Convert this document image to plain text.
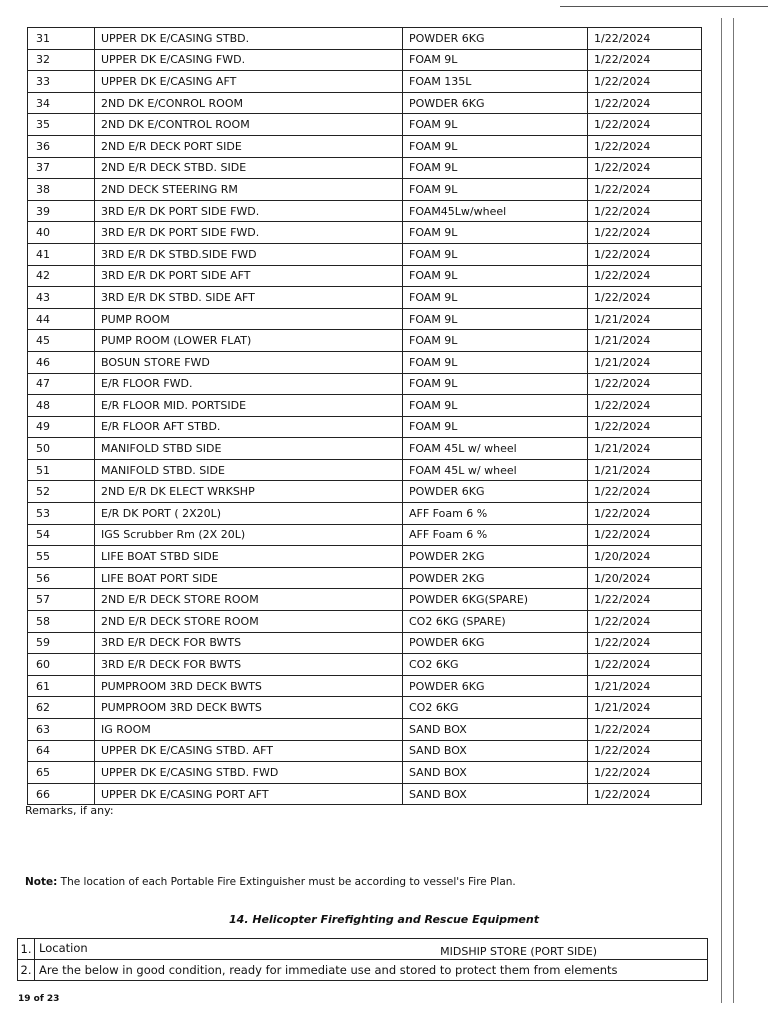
31	UPPER DK E/CASING STBD.	POWDER 6KG	1/22/2024
32	UPPER DK E/CASING FWD.	FOAM 9L	1/22/2024
33	UPPER DK E/CASING AFT	FOAM 135L	1/22/2024
34	2ND DK E/CONROL ROOM	POWDER 6KG	1/22/2024
35	2ND DK E/CONTROL ROOM	FOAM 9L	1/22/2024
36	2ND E/R DECK PORT SIDE	FOAM 9L	1/22/2024
37	2ND E/R DECK STBD. SIDE	FOAM 9L	1/22/2024
38	2ND DECK STEERING RM	FOAM 9L	1/22/2024
39	3RD E/R DK PORT SIDE FWD.	FOAM45Lw/wheel	1/22/2024
40	3RD E/R DK PORT SIDE FWD.	FOAM 9L	1/22/2024
41	3RD E/R DK STBD.SIDE FWD	FOAM 9L	1/22/2024
42	3RD E/R DK PORT SIDE AFT	FOAM 9L	1/22/2024
43	3RD E/R DK STBD. SIDE AFT	FOAM 9L	1/22/2024
44	PUMP ROOM	FOAM 9L	1/21/2024
45	PUMP ROOM (LOWER FLAT)	FOAM 9L	1/21/2024
46	BOSUN STORE FWD	FOAM 9L	1/21/2024
47	E/R FLOOR FWD.	FOAM 9L	1/22/2024
48	E/R FLOOR MID. PORTSIDE	FOAM 9L	1/22/2024
49	E/R FLOOR AFT STBD.	FOAM 9L	1/22/2024
50	MANIFOLD STBD SIDE	FOAM 45L w/ wheel	1/21/2024
51	MANIFOLD STBD. SIDE	FOAM 45L w/ wheel	1/21/2024
52	2ND E/R DK ELECT WRKSHP	POWDER 6KG	1/22/2024
53	E/R DK PORT ( 2X20L)	AFF Foam 6 %	1/22/2024
54	IGS Scrubber Rm (2X 20L)	AFF Foam 6 %	1/22/2024
55	LIFE BOAT STBD SIDE	POWDER 2KG	1/20/2024
56	LIFE BOAT PORT SIDE	POWDER 2KG	1/20/2024
57	2ND E/R DECK STORE ROOM	POWDER 6KG(SPARE)	1/22/2024
58	2ND E/R DECK STORE ROOM	CO2 6KG (SPARE)	1/22/2024
59	3RD E/R DECK FOR BWTS	POWDER 6KG	1/22/2024
60	3RD E/R DECK FOR BWTS	CO2 6KG	1/22/2024
61	PUMPROOM 3RD DECK BWTS	POWDER 6KG	1/21/2024
62	PUMPROOM 3RD DECK BWTS	CO2 6KG	1/21/2024
63	IG ROOM	SAND BOX	1/22/2024
64	UPPER DK E/CASING STBD. AFT	SAND BOX	1/22/2024
65	UPPER DK E/CASING STBD. FWD	SAND BOX	1/22/2024
66	UPPER DK E/CASING PORT AFT	SAND BOX	1/22/2024
Remarks, if any:
Note: The location of each Portable Fire Extinguisher must be according to vessel's Fire Plan.
14. Helicopter Firefighting and Rescue Equipment
1.	Location MIDSHIP STORE (PORT SIDE)

2.	Are the below in good condition, ready for immediate use and stored to protect them from elements
19 of 23
